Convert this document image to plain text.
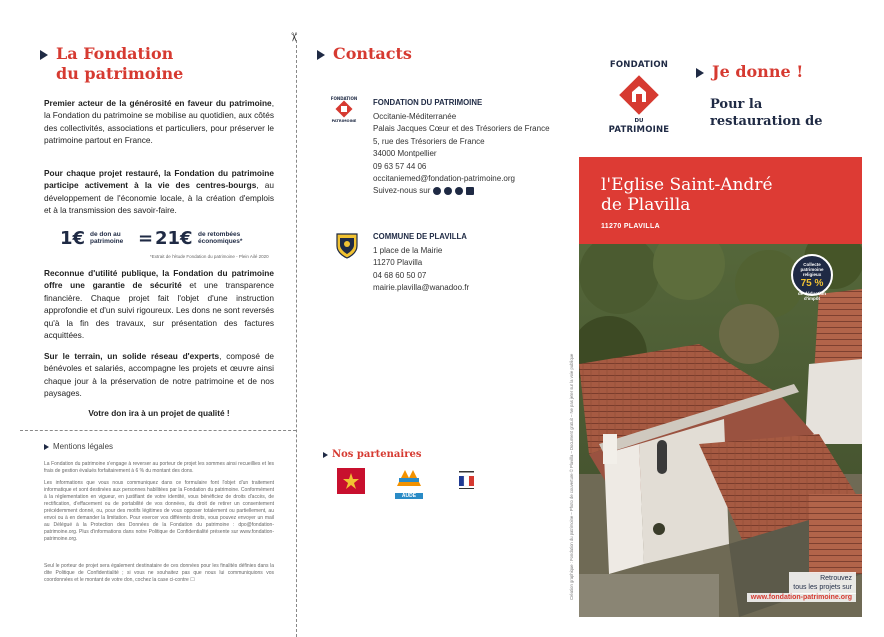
La Fondation
du patrimoine

Premier acteur de la générosité en faveur du patrimoine, la Fondation du patrimoine se mobilise au quotidien, aux côtés des collectivités, associations et particuliers, pour préserver le patrimoine partout en France.

Pour chaque projet restauré, la Fondation du patrimoine participe activement à la vie des centres-bourgs, au développement de l'économie locale, à la création d'emplois et à la transmission des savoir-faire.

1€ de don au patrimoine = 21€ de retombées économiques*
*Extrait de l'étude Fondation du patrimoine - Plein Ailé 2020

Reconnue d'utilité publique, la Fondation du patrimoine offre une garantie de sécurité et une transparence financière. Chaque projet fait l'objet d'une instruction approfondie et d'un suivi rigoureux. Les dons ne sont reversés qu'à la fin des travaux, sur présentation des factures acquittées.

Sur le terrain, un solide réseau d'experts, composé de bénévoles et salariés, accompagne les projets et œuvre ainsi chaque jour à la préservation de notre patrimoine et de nos paysages.

Votre don ira à un projet de qualité !
Mentions légales

La Fondation du patrimoine s'engage à reverser au porteur de projet les sommes ainsi recueillies et les frais de gestion évalués forfaitairement à 6 % du montant des dons.

Les informations que vous nous communiquez dans ce formulaire font l'objet d'un traitement informatique et sont destinées aux personnes habilitées par la Fondation du patrimoine. Conformément à la réglementation en vigueur, en justifiant de votre identité, vous bénéficiez de droits d'accès, de rectification, d'effacement ou de portabilité de vos données, du droit de retirer un consentement précédemment donné, ou, pour des motifs légitimes de vous opposer totalement ou partiellement, au envoi ou à en demander la limitation. Pour exercer vos différents droits, vous pouvez envoyer un mail au Délégué à la Protection des Données de la Fondation du patrimoine : dpo@fondation-patrimoine.org. Plus d'informations dans notre Politique de Confidentialité présente sur www.fondation-patrimoine.org.

Seul le porteur de projet sera également destinataire de ces données pour les finalités définies dans la dite Politique de Confidentialité ; si vous ne souhaitez pas que nous lui communiquions vos coordonnées et le montant de votre don, cochez la case ci-contre ☐

✂
Contacts
FONDATION
PATRIMOINE
FONDATION DU PATRIMOINE
Occitanie-Méditerranée
Palais Jacques Cœur et des Trésoriers de France
5, rue des Trésoriers de France
34000 Montpellier
09 63 57 44 06
occitaniemed@fondation-patrimoine.org
Suivez-nous sur
COMMUNE DE PLAVILLA
1 place de la Mairie
11270 Plavilla
04 68 60 50 07
mairie.plavilla@wanadoo.fr
Nos partenaires
AUDE
FONDATION
DU
PATRIMOINE
Je donne !
Pour la
restauration de
l'Eglise Saint-André
de Plavilla
11270 PLAVILLA
Collecte patrimoine religieux
75 %
de déduction d'impôt
Retrouvez
tous les projets sur
www.fondation-patrimoine.org
Création graphique : Fondation du patrimoine – Photo de couverture © Plavilla – Document gratuit – Ne pas jeter sur la voie publique
